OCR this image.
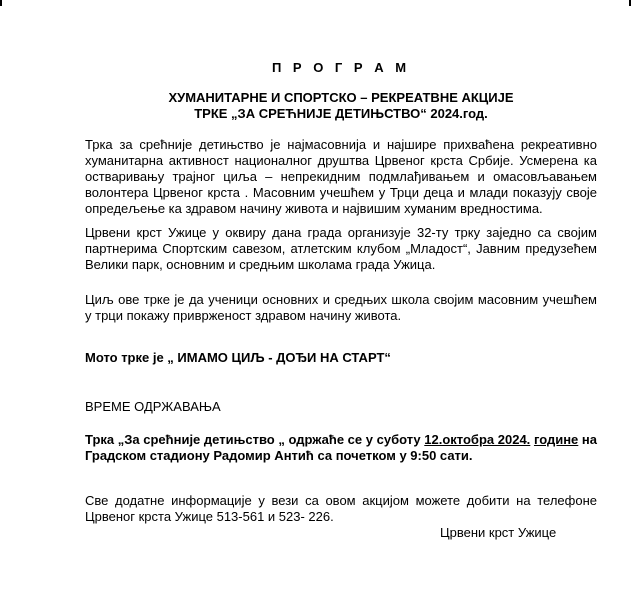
П Р О Г Р А М
ХУМАНИТАРНЕ И СПОРТСКО – РЕКРЕАТВНЕ АКЦИЈЕ
ТРКЕ „ЗА СРЕЋНИЈЕ ДЕТИЊСТВО“ 2024.год.
Трка за срећније детињство је најмасовнија и најшире прихваћена рекреативно хуманитарна активност националног друштва Црвеног крста Србије. Усмерена ка остваривању трајног циља – непрекидним подмлађивањем и омасовљавањем волонтера Црвеног крста . Масовним учешћем у Трци деца и млади показују своје опредељење ка здравом начину живота и највишим хуманим вредностима.
Црвени крст Ужице у оквиру дана града организује 32-ту трку заједно са својим партнерима Спортским савезом, атлетским клубом „Младост“, Јавним предузећем Велики парк, основним и средњим школама града Ужица.
Циљ ове трке је да ученици основних и средњих школа својим масовним учешћем у трци покажу привржeност здравом начину живота.
Мото трке је „ ИМАМО ЦИЉ - ДОЂИ НА СТАРТ“
ВРЕМЕ ОДРЖАВАЊА
Трка „За срећније детињство „ одржаће се у суботу 12.октобра 2024. године на Градском стадиону Радомир Антић са почетком у 9:50 сати.
Све додатне информације у вези са овом акцијом можете добити на телефоне Црвеног крста Ужице 513-561 и 523- 226.
Црвени крст Ужице
